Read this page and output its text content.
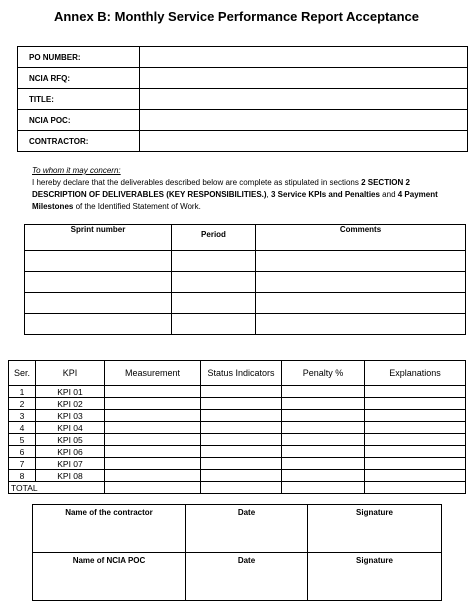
Annex B: Monthly Service Performance Report Acceptance
PO NUMBER:	
NCIA RFQ:	
TITLE:	
NCIA POC:	
CONTRACTOR:	
To whom it may concern:
I hereby declare that the deliverables described below are complete as stipulated in sections 2 SECTION 2 DESCRIPTION OF DELIVERABLES (KEY RESPONSIBILITIES.), 3 Service KPIs and Penalties and 4 Payment Milestones of the Identified Statement of Work.
Sprint number	Period	Comments

Ser.	KPI	Measurement	Status Indicators	Penalty %	Explanations
1	KPI 01				
2	KPI 02				
3	KPI 03				
4	KPI 04				
5	KPI 05				
6	KPI 06				
7	KPI 07				
8	KPI 08				
TOTAL					
Name of the contractor	Date	Signature
Name of NCIA POC	Date	Signature
